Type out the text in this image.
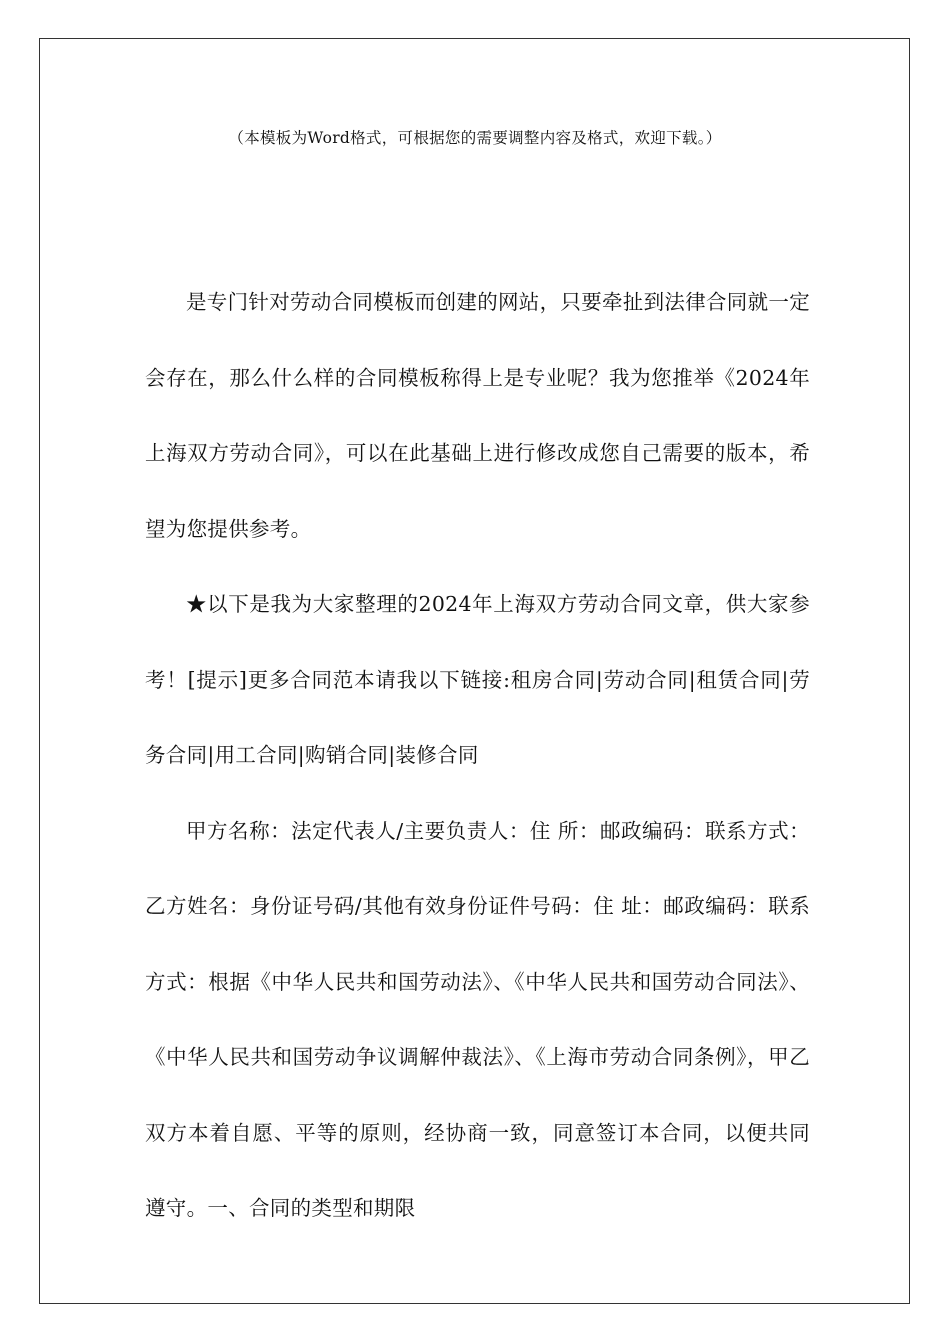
（本模板为Word格式，可根据您的需要调整内容及格式，欢迎下载。）

是专门针对劳动合同模板而创建的网站，只要牵扯到法律合同就一定会存在，那么什么样的合同模板称得上是专业呢？我为您推举《2024年上海双方劳动合同》，可以在此基础上进行修改成您自己需要的版本，希望为您提供参考。

★以下是我为大家整理的2024年上海双方劳动合同文章，供大家参考！[提示]更多合同范本请我以下链接:租房合同|劳动合同|租赁合同|劳务合同|用工合同|购销合同|装修合同

甲方名称：法定代表人/主要负责人：住 所：邮政编码：联系方式：乙方姓名：身份证号码/其他有效身份证件号码：住 址：邮政编码：联系方式：根据《中华人民共和国劳动法》、《中华人民共和国劳动合同法》、《中华人民共和国劳动争议调解仲裁法》、《上海市劳动合同条例》，甲乙双方本着自愿、平等的原则，经协商一致，同意签订本合同，以便共同遵守。一、合同的类型和期限
